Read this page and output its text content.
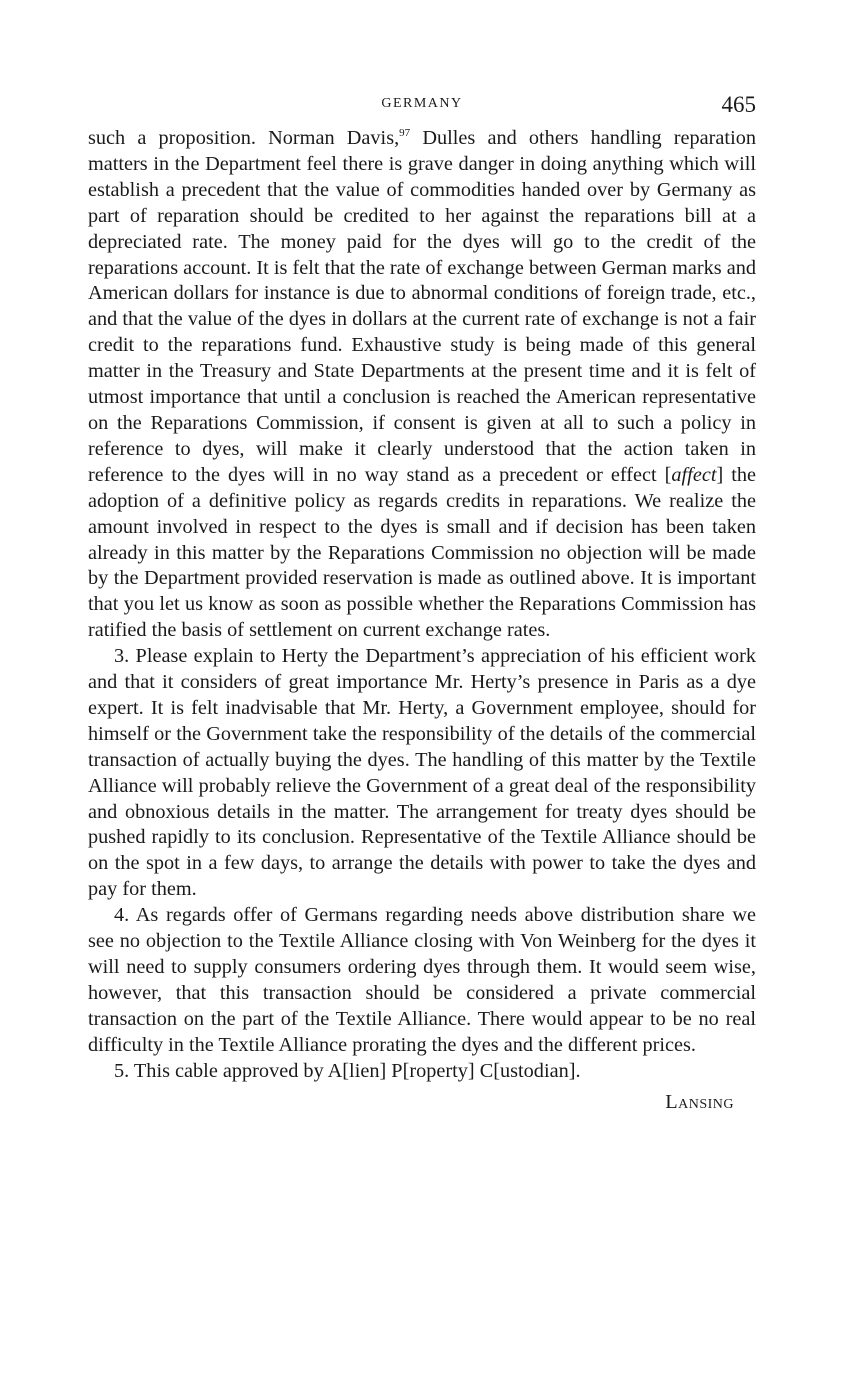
GERMANY	465

such a proposition. Norman Davis,$^{97}$ Dulles and others handling reparation matters in the Department feel there is grave danger in doing anything which will establish a precedent that the value of commodities handed over by Germany as part of reparation should be credited to her against the reparations bill at a depreciated rate. The money paid for the dyes will go to the credit of the reparations account. It is felt that the rate of exchange between German marks and American dollars for instance is due to abnormal conditions of foreign trade, etc., and that the value of the dyes in dollars at the current rate of exchange is not a fair credit to the reparations fund. Exhaustive study is being made of this general matter in the Treasury and State Departments at the present time and it is felt of utmost importance that until a conclusion is reached the American representative on the Reparations Commission, if consent is given at all to such a policy in reference to dyes, will make it clearly understood that the action taken in reference to the dyes will in no way stand as a precedent or effect [affect] the adoption of a definitive policy as regards credits in reparations. We realize the amount involved in respect to the dyes is small and if decision has been taken already in this matter by the Reparations Commission no objection will be made by the Department provided reservation is made as outlined above. It is important that you let us know as soon as possible whether the Reparations Commission has ratified the basis of settlement on current exchange rates.

3. Please explain to Herty the Department’s appreciation of his efficient work and that it considers of great importance Mr. Herty’s presence in Paris as a dye expert. It is felt inadvisable that Mr. Herty, a Government employee, should for himself or the Government take the responsibility of the details of the commercial transaction of actually buying the dyes. The handling of this matter by the Textile Alliance will probably relieve the Government of a great deal of the responsibility and obnoxious details in the matter. The arrangement for treaty dyes should be pushed rapidly to its conclusion. Representative of the Textile Alliance should be on the spot in a few days, to arrange the details with power to take the dyes and pay for them.

4. As regards offer of Germans regarding needs above distribution share we see no objection to the Textile Alliance closing with Von Weinberg for the dyes it will need to supply consumers ordering dyes through them. It would seem wise, however, that this transaction should be considered a private commercial transaction on the part of the Textile Alliance. There would appear to be no real difficulty in the Textile Alliance prorating the dyes and the different prices.

5. This cable approved by A[lien] P[roperty] C[ustodian].

Lansing
